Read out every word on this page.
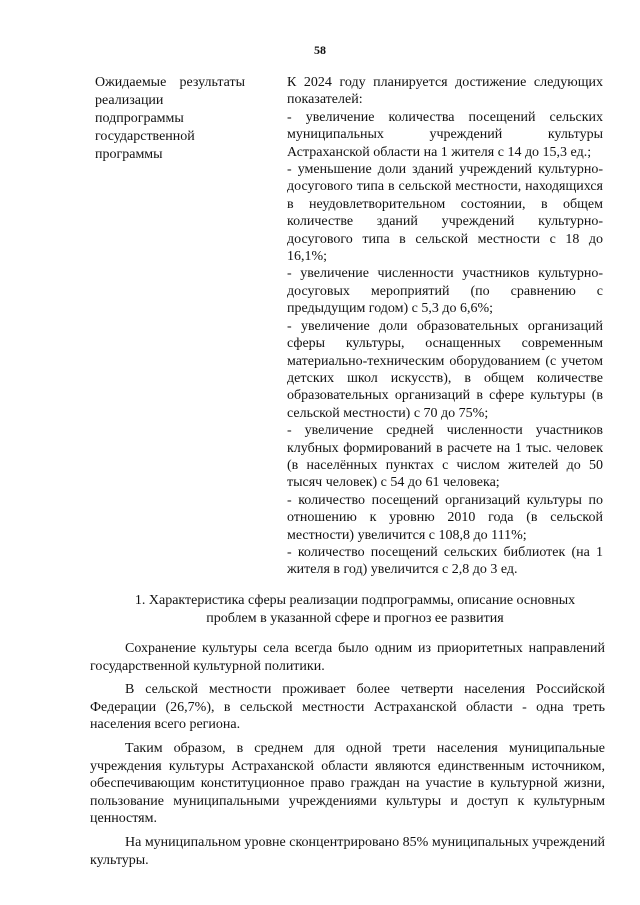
58
Ожидаемые результаты реализации подпрограммы государственной программы

К 2024 году планируется достижение следующих показателей:

- увеличение количества посещений сельских муниципальных учреждений культуры Астраханской области на 1 жителя с 14 до 15,3 ед.;

- уменьшение доли зданий учреждений культурно-досугового типа в сельской местности, находящихся в неудовлетворительном состоянии, в общем количестве зданий учреждений культурно-досугового типа в сельской местности с 18 до 16,1%;

- увеличение численности участников культурно-досуговых мероприятий (по сравнению с предыдущим годом) с 5,3 до 6,6%;

- увеличение доли образовательных организаций сферы культуры, оснащенных современным материально-техническим оборудованием (с учетом детских школ искусств), в общем количестве образовательных организаций в сфере культуры (в сельской местности) с 70 до 75%;

- увеличение средней численности участников клубных формирований в расчете на 1 тыс. человек (в населённых пунктах с числом жителей до 50 тысяч человек) с 54 до 61 человека;

- количество посещений организаций культуры по отношению к уровню 2010 года (в сельской местности) увеличится с 108,8 до 111%;

- количество посещений сельских библиотек (на 1 жителя в год) увеличится с 2,8 до 3 ед.

1. Характеристика сферы реализации подпрограммы, описание основных проблем в указанной сфере и прогноз ее развития

Сохранение культуры села всегда было одним из приоритетных направлений государственной культурной политики.

В сельской местности проживает более четверти населения Российской Федерации (26,7%), в сельской местности Астраханской области - одна треть населения всего региона.

Таким образом, в среднем для одной трети населения муниципальные учреждения культуры Астраханской области являются единственным источником, обеспечивающим конституционное право граждан на участие в культурной жизни, пользование муниципальными учреждениями культуры и доступ к культурным ценностям.

На муниципальном уровне сконцентрировано 85% муниципальных учреждений культуры.
